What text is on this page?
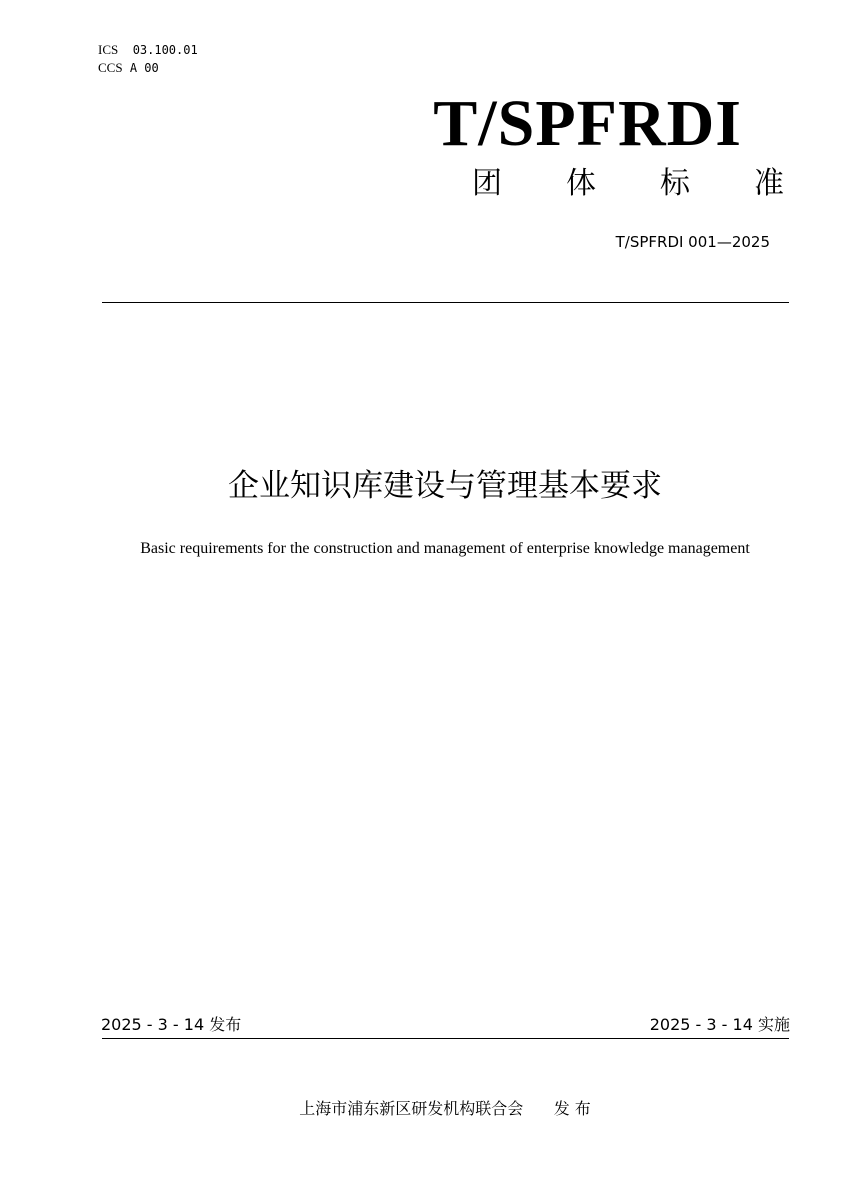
ICS 03.100.01
CCS A 00
T/SPFRDI
团 体 标 准
T/SPFRDI 001—2025
企业知识库建设与管理基本要求
Basic requirements for the construction and management of enterprise knowledge management
2025 - 3 - 14 发布	2025 - 3 - 14 实施
上海市浦东新区研发机构联合会 发 布
